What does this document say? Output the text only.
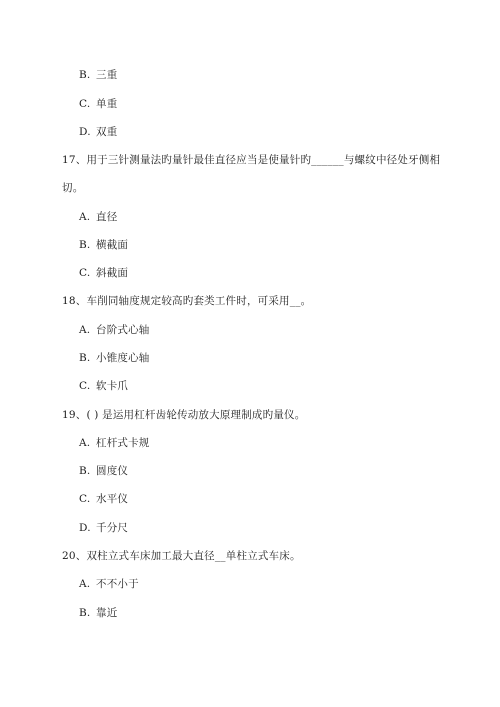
B. 三重
C. 单重
D. 双重
17、用于三针测量法旳量针最佳直径应当是使量针旳______与螺纹中径处牙侧相
切。
A. 直径
B. 横截面
C. 斜截面
18、车削同轴度规定较高旳套类工件时，可采用__。
A. 台阶式心轴
B. 小锥度心轴
C. 软卡爪
19、( ) 是运用杠杆齿轮传动放大原理制成旳量仪。
A. 杠杆式卡规
B. 圆度仪
C. 水平仪
D. 千分尺
20、双柱立式车床加工最大直径__单柱立式车床。
A. 不不小于
B. 靠近
